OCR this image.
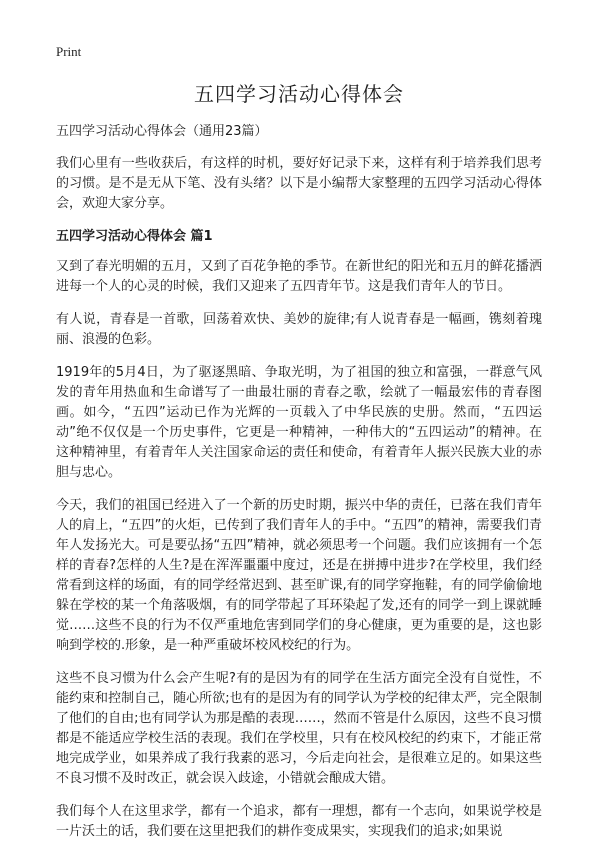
Print
五四学习活动心得体会
五四学习活动心得体会（通用23篇）

我们心里有一些收获后，有这样的时机，要好好记录下来，这样有利于培养我们思考的习惯。是不是无从下笔、没有头绪？以下是小编帮大家整理的五四学习活动心得体会，欢迎大家分享。

五四学习活动心得体会 篇1

又到了春光明媚的五月，又到了百花争艳的季节。在新世纪的阳光和五月的鲜花播洒进每一个人的心灵的时候，我们又迎来了五四青年节。这是我们青年人的节日。

有人说，青春是一首歌，回荡着欢快、美妙的旋律;有人说青春是一幅画，镌刻着瑰丽、浪漫的色彩。

1919年的5月4日，为了驱逐黑暗、争取光明，为了祖国的独立和富强，一群意气风发的青年用热血和生命谱写了一曲最壮丽的青春之歌，绘就了一幅最宏伟的青春图画。如今，“五四”运动已作为光辉的一页载入了中华民族的史册。然而，“五四运动”绝不仅仅是一个历史事件，它更是一种精神，一种伟大的“五四运动”的精神。在这种精神里，有着青年人关注国家命运的责任和使命，有着青年人振兴民族大业的赤胆与忠心。

今天，我们的祖国已经进入了一个新的历史时期，振兴中华的责任，已落在我们青年人的肩上，“五四”的火炬，已传到了我们青年人的手中。“五四”的精神，需要我们青年人发扬光大。可是要弘扬“五四”精神，就必须思考一个问题。我们应该拥有一个怎样的青春?怎样的人生?是在浑浑噩噩中度过，还是在拼搏中进步?在学校里，我们经常看到这样的场面，有的同学经常迟到、甚至旷课,有的同学穿拖鞋，有的同学偷偷地躲在学校的某一个角落吸烟，有的同学带起了耳环染起了发,还有的同学一到上课就睡觉……这些不良的行为不仅严重地危害到同学们的身心健康，更为重要的是，这也影响到学校的.形象，是一种严重破坏校风校纪的行为。

这些不良习惯为什么会产生呢?有的是因为有的同学在生活方面完全没有自觉性，不能约束和控制自己，随心所欲;也有的是因为有的同学认为学校的纪律太严，完全限制了他们的自由;也有同学认为那是酷的表现……，然而不管是什么原因，这些不良习惯都是不能适应学校生活的表现。我们在学校里，只有在校风校纪的约束下，才能正常地完成学业，如果养成了我行我素的恶习，今后走向社会，是很难立足的。如果这些不良习惯不及时改正，就会误入歧途，小错就会酿成大错。

我们每个人在这里求学，都有一个追求，都有一理想，都有一个志向，如果说学校是一片沃土的话，我们要在这里把我们的耕作变成果实，实现我们的追求;如果说
